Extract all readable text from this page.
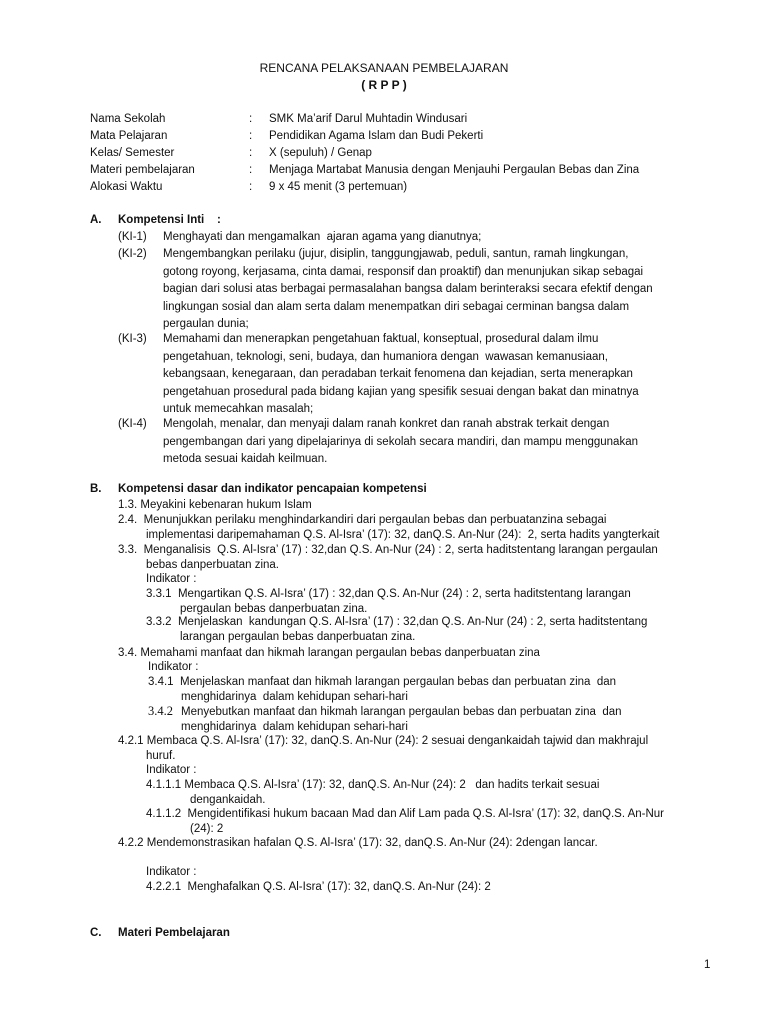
RENCANA PELAKSANAAN PEMBELAJARAN
( R P P )
Nama Sekolah	: SMK Ma’arif Darul Muhtadin Windusari
Mata Pelajaran	: Pendidikan Agama Islam dan Budi Pekerti
Kelas/ Semester	: X (sepuluh) / Genap
Materi pembelajaran	: Menjaga Martabat Manusia dengan Menjauhi Pergaulan Bebas dan Zina
Alokasi Waktu	: 9 x 45 menit (3 pertemuan)
A. Kompetensi Inti    :
(KI-1) Menghayati dan mengamalkan  ajaran agama yang dianutnya;
(KI-2) Mengembangkan perilaku (jujur, disiplin, tanggungjawab, peduli, santun, ramah lingkungan,
gotong royong, kerjasama, cinta damai, responsif dan proaktif) dan menunjukan sikap sebagai
bagian dari solusi atas berbagai permasalahan bangsa dalam berinteraksi secara efektif dengan
lingkungan sosial dan alam serta dalam menempatkan diri sebagai cerminan bangsa dalam
pergaulan dunia;
(KI-3) Memahami dan menerapkan pengetahuan faktual, konseptual, prosedural dalam ilmu
pengetahuan, teknologi, seni, budaya, dan humaniora dengan  wawasan kemanusiaan,
kebangsaan, kenegaraan, dan peradaban terkait fenomena dan kejadian, serta menerapkan
pengetahuan prosedural pada bidang kajian yang spesifik sesuai dengan bakat dan minatnya
untuk memecahkan masalah;
(KI-4) Mengolah, menalar, dan menyaji dalam ranah konkret dan ranah abstrak terkait dengan
pengembangan dari yang dipelajarinya di sekolah secara mandiri, dan mampu menggunakan
metoda sesuai kaidah keilmuan.
B. Kompetensi dasar dan indikator pencapaian kompetensi
1.3. Meyakini kebenaran hukum Islam
2.4.  Menunjukkan perilaku menghindarkandiri dari pergaulan bebas dan perbuatanzina sebagai
implementasi daripemahaman Q.S. Al-Isra’ (17): 32, danQ.S. An-Nur (24):  2, serta hadits yangterkait
3.3.  Menganalisis  Q.S. Al-Isra’ (17) : 32,dan Q.S. An-Nur (24) : 2, serta haditstentang larangan pergaulan
bebas danperbuatan zina.
Indikator :
3.3.1  Mengartikan Q.S. Al-Isra’ (17) : 32,dan Q.S. An-Nur (24) : 2, serta haditstentang larangan
pergaulan bebas danperbuatan zina.
3.3.2  Menjelaskan  kandungan Q.S. Al-Isra’ (17) : 32,dan Q.S. An-Nur (24) : 2, serta haditstentang
larangan pergaulan bebas danperbuatan zina.
3.4. Memahami manfaat dan hikmah larangan pergaulan bebas danperbuatan zina
Indikator :
3.4.1  Menjelaskan manfaat dan hikmah larangan pergaulan bebas dan perbuatan zina  dan
menghidarinya  dalam kehidupan sehari-hari
3.4.2 Menyebutkan manfaat dan hikmah larangan pergaulan bebas dan perbuatan zina  dan
menghidarinya  dalam kehidupan sehari-hari
4.2.1 Membaca Q.S. Al-Isra’ (17): 32, danQ.S. An-Nur (24): 2 sesuai dengankaidah tajwid dan makhrajul
huruf.
Indikator :
4.1.1.1 Membaca Q.S. Al-Isra’ (17): 32, danQ.S. An-Nur (24): 2   dan hadits terkait sesuai
dengankaidah.
4.1.1.2  Mengidentifikasi hukum bacaan Mad dan Alif Lam pada Q.S. Al-Isra’ (17): 32, danQ.S. An-Nur
(24): 2
4.2.2 Mendemonstrasikan hafalan Q.S. Al-Isra’ (17): 32, danQ.S. An-Nur (24): 2dengan lancar.
Indikator :
4.2.2.1  Menghafalkan Q.S. Al-Isra’ (17): 32, danQ.S. An-Nur (24): 2
C. Materi Pembelajaran
1
